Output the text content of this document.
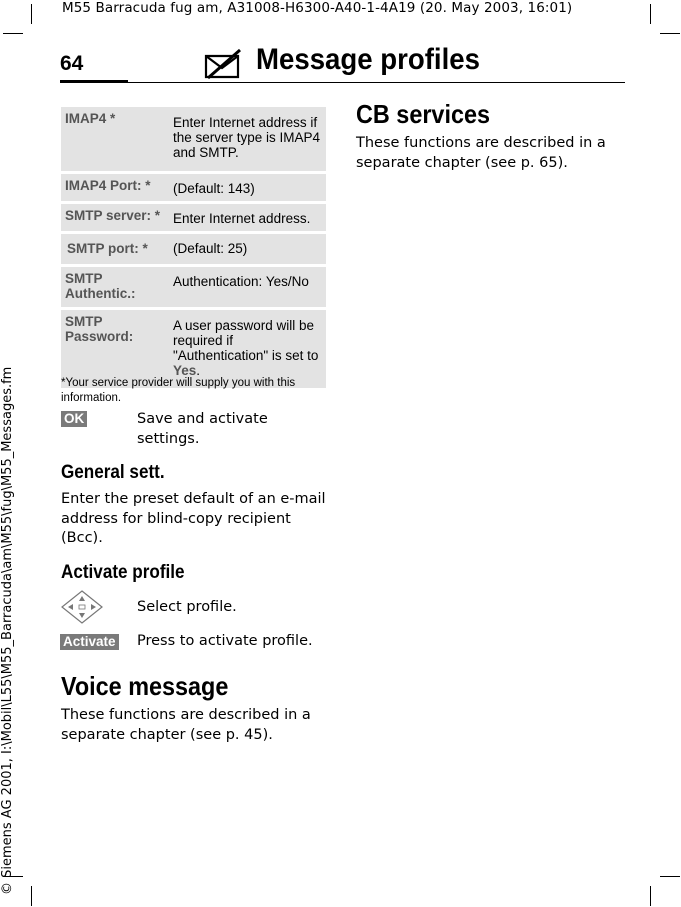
M55 Barracuda fug am, A31008-H6300-A40-1-4A19 (20. May 2003, 16:01)
© Siemens AG 2001, I:\Mobil\L55\M55_Barracuda\am\M55\fug\M55_Messages.fm
64	Message profiles
IMAP4 *	Enter Internet address if the server type is IMAP4 and SMTP.
IMAP4 Port: *	(Default: 143)
SMTP server: *	Enter Internet address.
SMTP port: *	(Default: 25)
SMTP Authentic.:	Authentication: Yes/No
SMTP Password:	A user password will be required if "Authentication" is set to Yes.
*Your service provider will supply you with this information.
OK	Save and activate settings.
General sett.
Enter the preset default of an e-mail address for blind-copy recipient (Bcc).
Activate profile
Select profile.
Activate Press to activate profile.
Voice message
These functions are described in a separate chapter (see p. 45).
CB services
These functions are described in a separate chapter (see p. 65).
